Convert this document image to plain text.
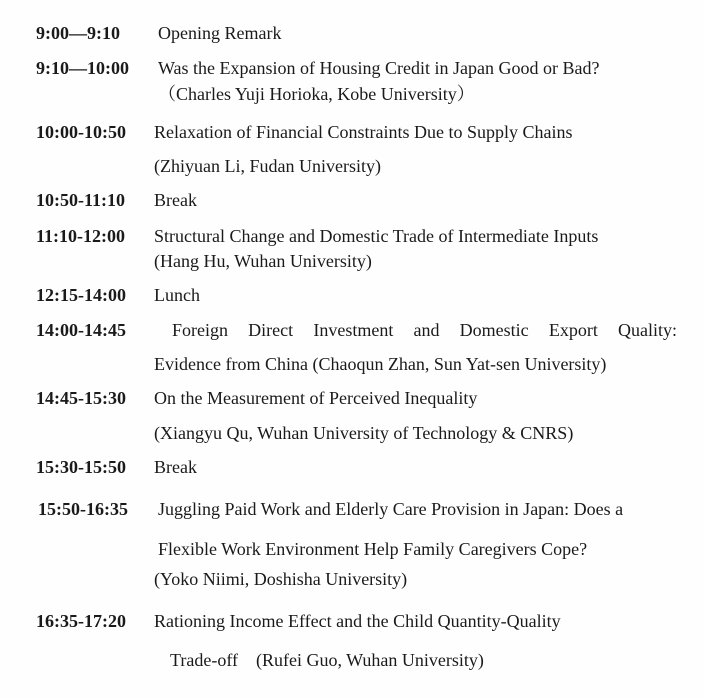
9:00—9:10 Opening Remark
9:10—10:00 Was the Expansion of Housing Credit in Japan Good or Bad?
（Charles Yuji Horioka, Kobe University）
10:00-10:50 Relaxation of Financial Constraints Due to Supply Chains
(Zhiyuan Li, Fudan University)
10:50-11:10 Break
11:10-12:00 Structural Change and Domestic Trade of Intermediate Inputs
(Hang Hu, Wuhan University)
12:15-14:00 Lunch
14:00-14:45	Foreign Direct Investment and Domestic Export Quality:
Evidence from China (Chaoqun Zhan, Sun Yat-sen University)
14:45-15:30 On the Measurement of Perceived Inequality
(Xiangyu Qu, Wuhan University of Technology & CNRS)
15:30-15:50 Break
15:50-16:35 Juggling Paid Work and Elderly Care Provision in Japan: Does a
Flexible Work Environment Help Family Caregivers Cope?
(Yoko Niimi, Doshisha University)
16:35-17:20 Rationing Income Effect and the Child Quantity-Quality
Trade-off　(Rufei Guo, Wuhan University)
